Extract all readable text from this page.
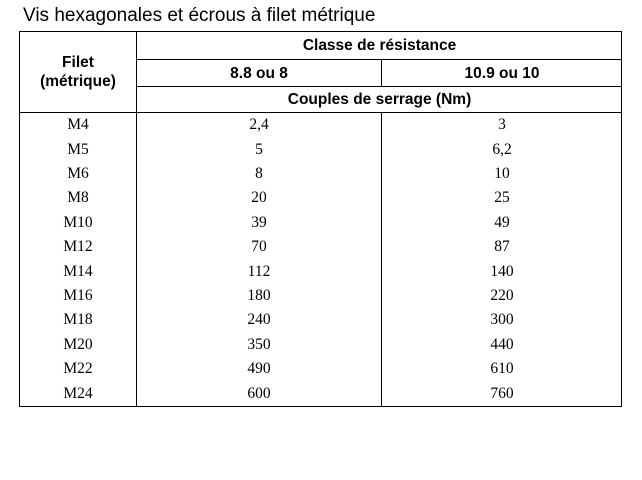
Vis hexagonales et écrous à filet métrique
Filet
(métrique)
Classe de résistance
8.8 ou 8	10.9 ou 10
Couples de serrage (Nm)
M4	2,4	3
M5	5	6,2
M6	8	10
M8	20	25
M10	39	49
M12	70	87
M14	112	140
M16	180	220
M18	240	300
M20	350	440
M22	490	610
M24	600	760
